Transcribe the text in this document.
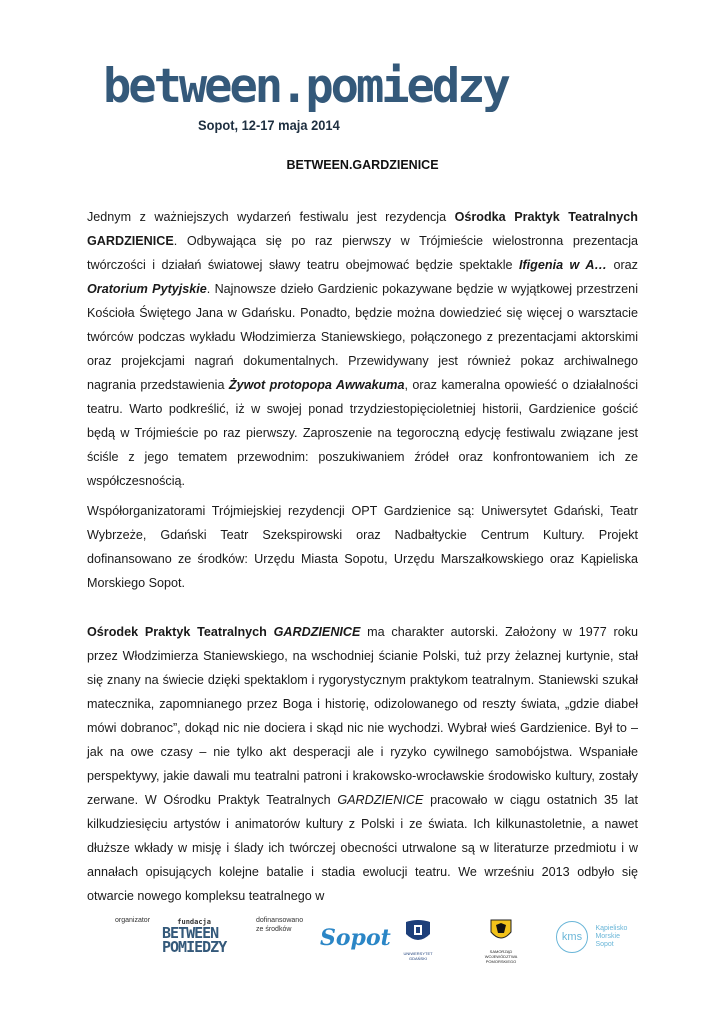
between.pomiedzy
Sopot, 12-17 maja 2014
BETWEEN.GARDZIENICE
Jednym z ważniejszych wydarzeń festiwalu jest rezydencja Ośrodka Praktyk Teatralnych GARDZIENICE. Odbywająca się po raz pierwszy w Trójmieście wielostronna prezentacja twórczości i działań światowej sławy teatru obejmować będzie spektakle Ifigenia w A… oraz Oratorium Pytyjskie. Najnowsze dzieło Gardzienic pokazywane będzie w wyjątkowej przestrzeni Kościoła Świętego Jana w Gdańsku. Ponadto, będzie można dowiedzieć się więcej o warsztacie twórców podczas wykładu Włodzimierza Staniewskiego, połączonego z prezentacjami aktorskimi oraz projekcjami nagrań dokumentalnych. Przewidywany jest również pokaz archiwalnego nagrania przedstawienia Żywot protopopa Awwakuma, oraz kameralna opowieść o działalności teatru. Warto podkreślić, iż w swojej ponad trzydziestopięcioletniej historii, Gardzienice gościć będą w Trójmieście po raz pierwszy. Zaproszenie na tegoroczną edycję festiwalu związane jest ściśle z jego tematem przewodnim: poszukiwaniem źródeł oraz konfrontowaniem ich ze współczesnością.
Współorganizatorami Trójmiejskiej rezydencji OPT Gardzienice są: Uniwersytet Gdański, Teatr Wybrzeże, Gdański Teatr Szekspirowski oraz Nadbałtyckie Centrum Kultury. Projekt dofinansowano ze środków: Urzędu Miasta Sopotu, Urzędu Marszałkowskiego oraz Kąpieliska Morskiego Sopot.
Ośrodek Praktyk Teatralnych GARDZIENICE ma charakter autorski. Założony w 1977 roku przez Włodzimierza Staniewskiego, na wschodniej ścianie Polski, tuż przy żelaznej kurtynie, stał się znany na świecie dzięki spektaklom i rygorystycznym praktykom teatralnym. Staniewski szukał matecznika, zapomnianego przez Boga i historię, odizolowanego od reszty świata, „gdzie diabeł mówi dobranoc”, dokąd nic nie dociera i skąd nic nie wychodzi. Wybrał wieś Gardzienice. Był to – jak na owe czasy – nie tylko akt desperacji ale i ryzyko cywilnego samobójstwa. Wspaniałe perspektywy, jakie dawali mu teatralni patroni i krakowsko-wrocławskie środowisko kultury, zostały zerwane. W Ośrodku Praktyk Teatralnych GARDZIENICE pracowało w ciągu ostatnich 35 lat kilkudziesięciu artystów i animatorów kultury z Polski i ze świata. Ich kilkunastoletnie, a nawet dłuższe wkłady w misję i ślady ich twórczej obecności utrwalone są w literaturze przedmiotu i w annałach opisujących kolejne batalie i stadia ewolucji teatru. We wrześniu 2013 odbyło się otwarcie nowego kompleksu teatralnego w
organizator	fundacja
BETWEEN
POMIEDZY
dofinansowano
ze środków	Sopot
UNIWERSYTET GDAŃSKI
SAMORZĄD
WOJEWÓDZTWA POMORSKIEGO
kms
Kąpielisko
Morskie
Sopot
